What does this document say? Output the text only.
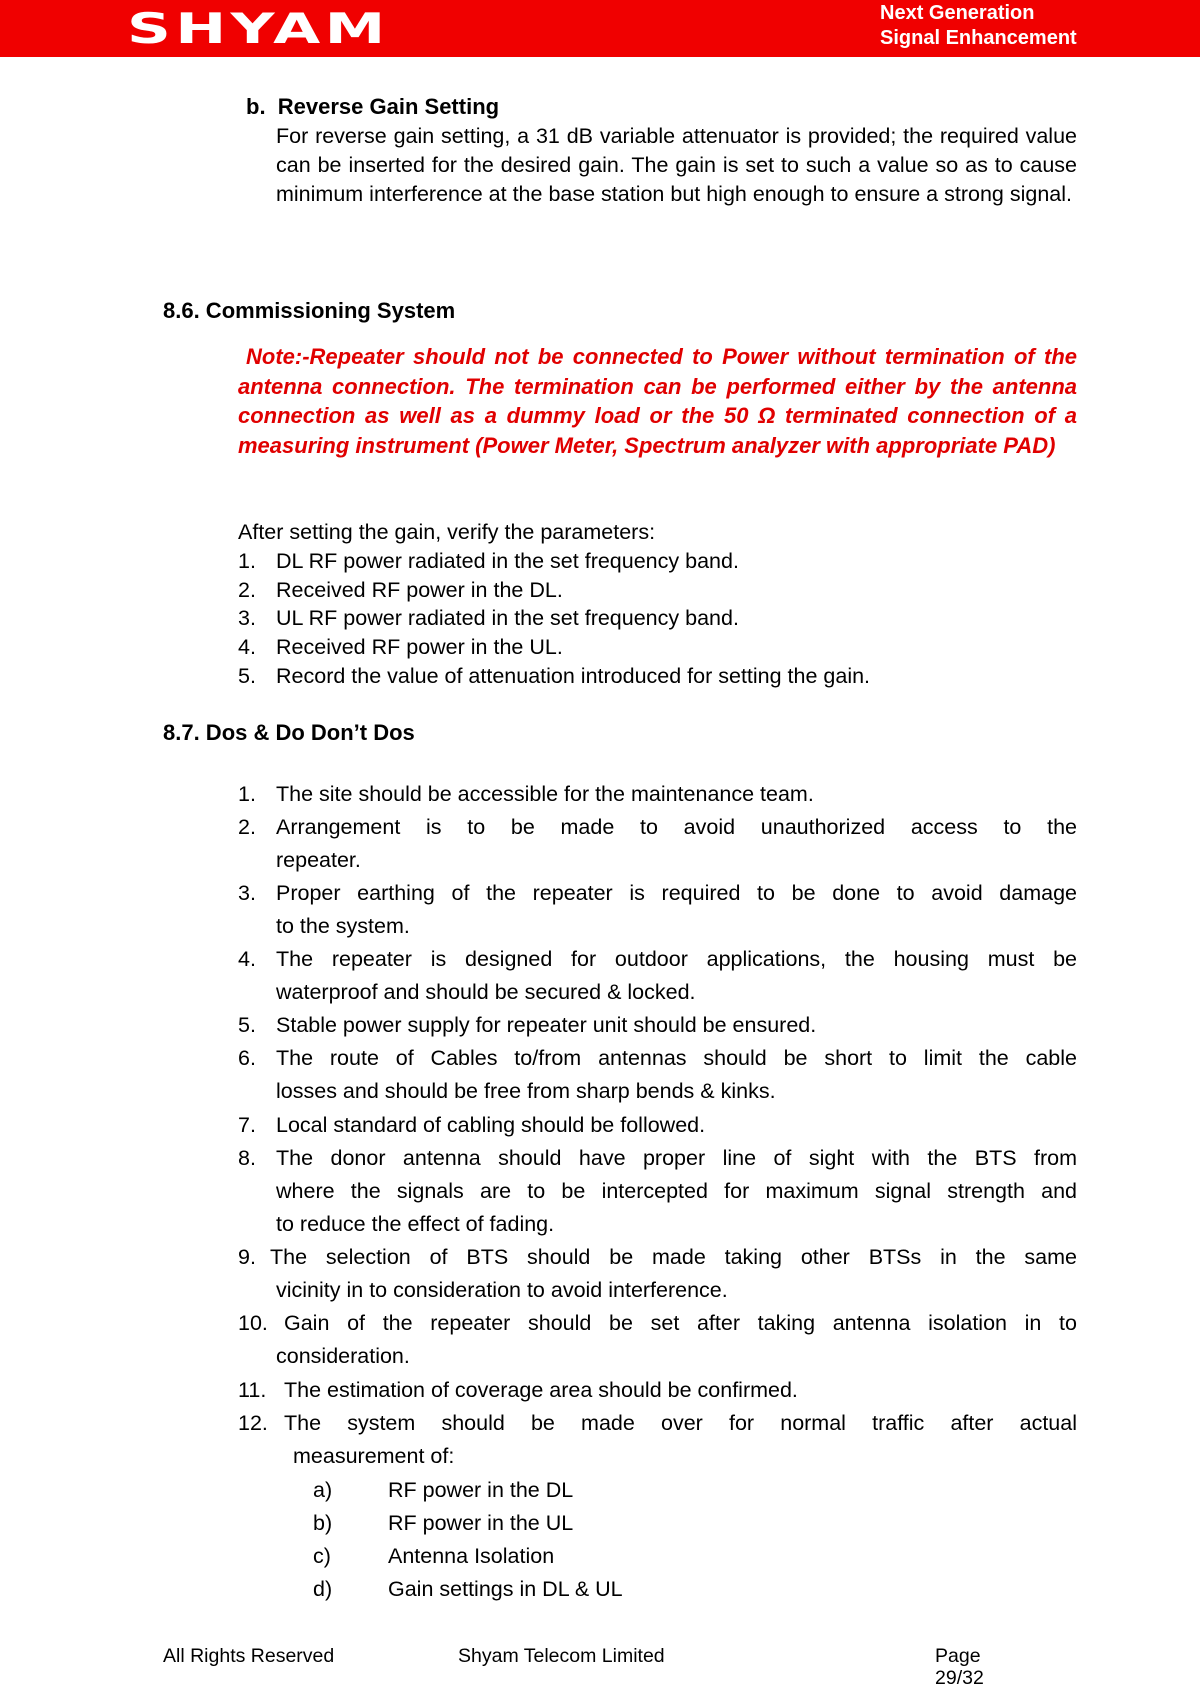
SHYAM	Next Generation
Signal Enhancement
b.  Reverse Gain Setting
For reverse gain setting, a 31 dB variable attenuator is provided; the required value can be inserted for the desired gain. The gain is set to such a value so as to cause minimum interference at the base station but high enough to ensure a strong signal.
8.6. Commissioning System
Note:-Repeater should not be connected to Power without termination of the antenna connection. The termination can be performed either by the antenna connection as well as a dummy load or the 50 Ω terminated connection of a measuring instrument (Power Meter, Spectrum analyzer with appropriate PAD)
After setting the gain, verify the parameters:
1. DL RF power radiated in the set frequency band.
2. Received RF power in the DL.
3. UL RF power radiated in the set frequency band.
4. Received RF power in the UL.
5. Record the value of attenuation introduced for setting the gain.
8.7. Dos & Do Don’t Dos
1. The site should be accessible for the maintenance team.
2. Arrangement is to be made to avoid unauthorized access to the
repeater.
3. Proper earthing of the repeater is required to be done to avoid damage
to the system.
4. The repeater is designed for outdoor applications, the housing must be
waterproof and should be secured & locked.
5. Stable power supply for repeater unit should be ensured.
6. The route of Cables to/from antennas should be short to limit the cable
losses and should be free from sharp bends & kinks.
7. Local standard of cabling should be followed.
8. The donor antenna should have proper line of sight with the BTS from
where the signals are to be intercepted for maximum signal strength and
to reduce the effect of fading.
9. The selection of BTS should be made taking other BTSs in the same
vicinity in to consideration to avoid interference.
10. Gain of the repeater should be set after taking antenna isolation in to
consideration.
11. The estimation of coverage area should be confirmed.
12. The system should be made over for normal traffic after actual
measurement of:
a)	RF power in the DL
b)	RF power in the UL
c)	Antenna Isolation
d)	Gain settings in DL & UL
All Rights Reserved	Shyam Telecom Limited	Page
29/32
